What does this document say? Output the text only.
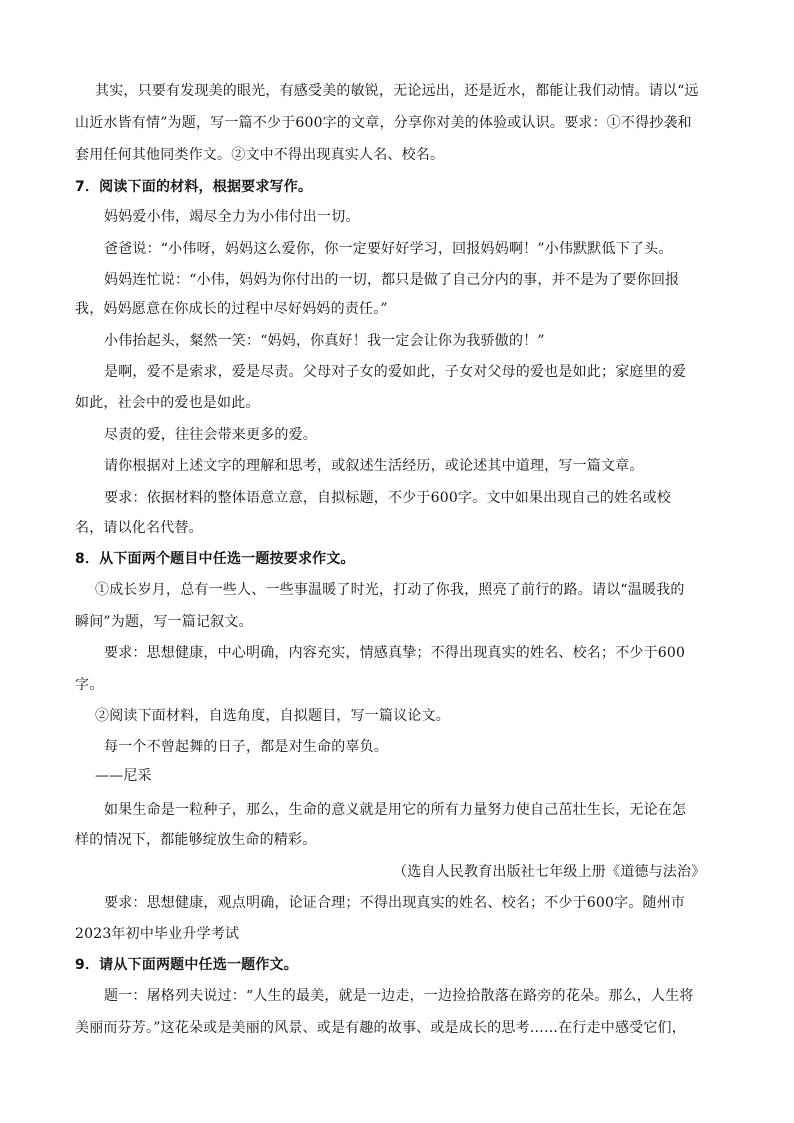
其实，只要有发现美的眼光，有感受美的敏锐，无论远出，还是近水，都能让我们动情。请以“远
山近水皆有情”为题，写一篇不少于600字的文章，分享你对美的体验或认识。要求：①不得抄袭和
套用任何其他同类作文。②文中不得出现真实人名、校名。
7．阅读下面的材料，根据要求写作。
妈妈爱小伟，竭尽全力为小伟付出一切。
爸爸说：“小伟呀，妈妈这么爱你，你一定要好好学习，回报妈妈啊！”小伟默默低下了头。
妈妈连忙说：“小伟，妈妈为你付出的一切，都只是做了自己分内的事，并不是为了要你回报
我，妈妈愿意在你成长的过程中尽好妈妈的责任。”
小伟抬起头，粲然一笑：“妈妈，你真好！我一定会让你为我骄傲的！”
是啊，爱不是索求，爱是尽责。父母对子女的爱如此，子女对父母的爱也是如此；家庭里的爱
如此，社会中的爱也是如此。
尽责的爱，往往会带来更多的爱。
请你根据对上述文字的理解和思考，或叙述生活经历，或论述其中道理，写一篇文章。
要求：依据材料的整体语意立意，自拟标题，不少于600字。文中如果出现自己的姓名或校
名，请以化名代替。
8．从下面两个题目中任选一题按要求作文。
①成长岁月，总有一些人、一些事温暖了时光，打动了你我，照亮了前行的路。请以“温暖我的
瞬间”为题，写一篇记叙文。
要求：思想健康，中心明确，内容充实，情感真挚；不得出现真实的姓名、校名；不少于600
字。
②阅读下面材料，自选角度，自拟题目，写一篇议论文。
每一个不曾起舞的日子，都是对生命的辜负。
——尼采
如果生命是一粒种子，那么，生命的意义就是用它的所有力量努力使自己茁壮生长，无论在怎
样的情况下，都能够绽放生命的精彩。
（选自人民教育出版社七年级上册《道德与法治》
要求：思想健康，观点明确，论证合理；不得出现真实的姓名、校名；不少于600字。随州市
2023年初中毕业升学考试
9．请从下面两题中任选一题作文。
题一：屠格列夫说过：“人生的最美，就是一边走，一边捡拾散落在路旁的花朵。那么，人生将
美丽而芬芳。”这花朵或是美丽的风景、或是有趣的故事、或是成长的思考……在行走中感受它们，
